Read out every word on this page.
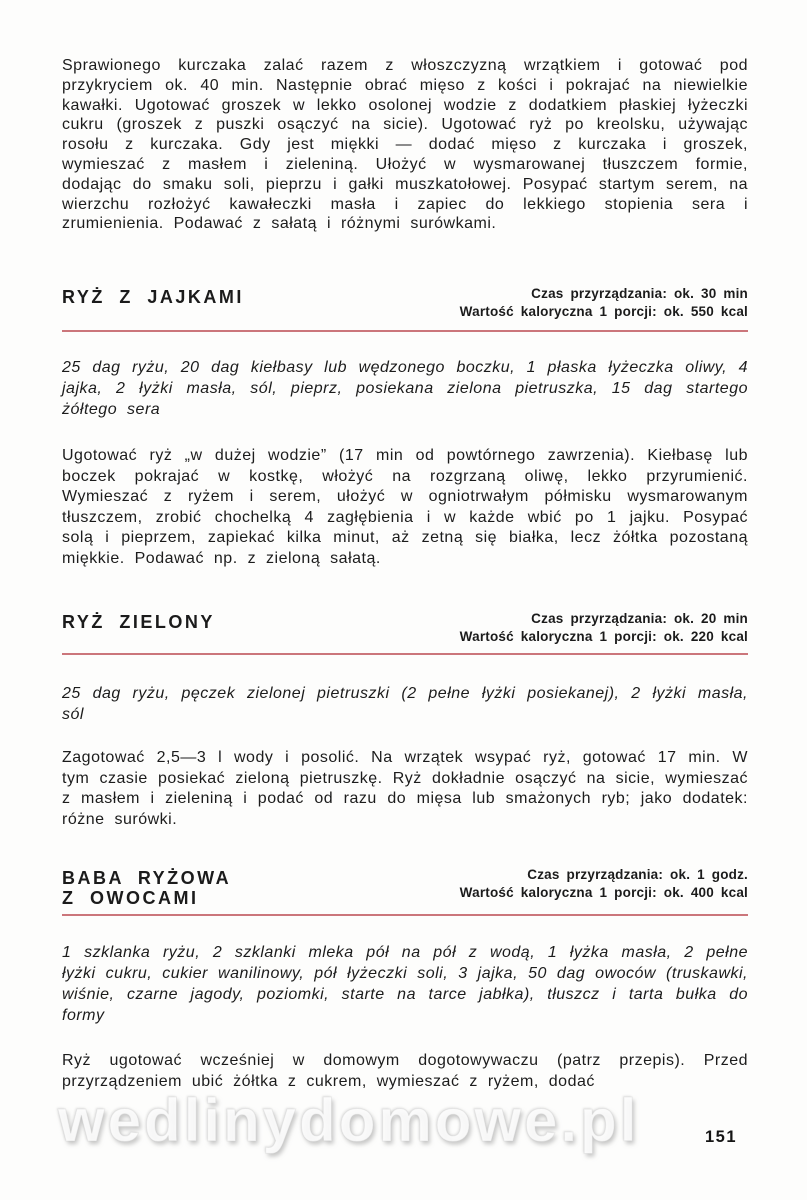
Sprawionego kurczaka zalać razem z włoszczyzną wrzątkiem i gotować pod przykryciem ok. 40 min. Następnie obrać mięso z kości i pokrajać na niewielkie kawałki. Ugotować groszek w lekko osolonej wodzie z dodatkiem płaskiej łyżeczki cukru (groszek z puszki osączyć na sicie). Ugotować ryż po kreolsku, używając rosołu z kurczaka. Gdy jest miękki — dodać mięso z kurczaka i groszek, wymieszać z masłem i zieleniną. Ułożyć w wysmarowanej tłuszczem formie, dodając do smaku soli, pieprzu i gałki muszkatołowej. Posypać startym serem, na wierzchu rozłożyć kawałeczki masła i zapiec do lekkiego stopienia sera i zrumienienia. Podawać z sałatą i różnymi surówkami.

RYŻ Z JAJKAMI	Czas przyrządzania: ok. 30 min
Wartość kaloryczna 1 porcji: ok. 550 kcal

25 dag ryżu, 20 dag kiełbasy lub wędzonego boczku, 1 płaska łyżeczka oliwy, 4 jajka, 2 łyżki masła, sól, pieprz, posiekana zielona pietruszka, 15 dag startego żółtego sera

Ugotować ryż „w dużej wodzie” (17 min od powtórnego zawrzenia). Kiełbasę lub boczek pokrajać w kostkę, włożyć na rozgrzaną oliwę, lekko przyrumienić. Wymieszać z ryżem i serem, ułożyć w ogniotrwałym półmisku wysmarowanym tłuszczem, zrobić chochelką 4 zagłębienia i w każde wbić po 1 jajku. Posypać solą i pieprzem, zapiekać kilka minut, aż zetną się białka, lecz żółtka pozostaną miękkie. Podawać np. z zieloną sałatą.

RYŻ ZIELONY	Czas przyrządzania: ok. 20 min
Wartość kaloryczna 1 porcji: ok. 220 kcal

25 dag ryżu, pęczek zielonej pietruszki (2 pełne łyżki posiekanej), 2 łyżki masła, sól

Zagotować 2,5—3 l wody i posolić. Na wrzątek wsypać ryż, gotować 17 min. W tym czasie posiekać zieloną pietruszkę. Ryż dokładnie osączyć na sicie, wymieszać z masłem i zieleniną i podać od razu do mięsa lub smażonych ryb; jako dodatek: różne surówki.

BABA RYŻOWA
Z OWOCAMI
Czas przyrządzania: ok. 1 godz.
Wartość kaloryczna 1 porcji: ok. 400 kcal

1 szklanka ryżu, 2 szklanki mleka pół na pół z wodą, 1 łyżka masła, 2 pełne łyżki cukru, cukier wanilinowy, pół łyżeczki soli, 3 jajka, 50 dag owoców (truskawki, wiśnie, czarne jagody, poziomki, starte na tarce jabłka), tłuszcz i tarta bułka do formy

Ryż ugotować wcześniej w domowym dogotowywaczu (patrz przepis). Przed przyrządzeniem ubić żółtka z cukrem, wymieszać z ryżem, dodać

wedlinydomowe.pl	151
